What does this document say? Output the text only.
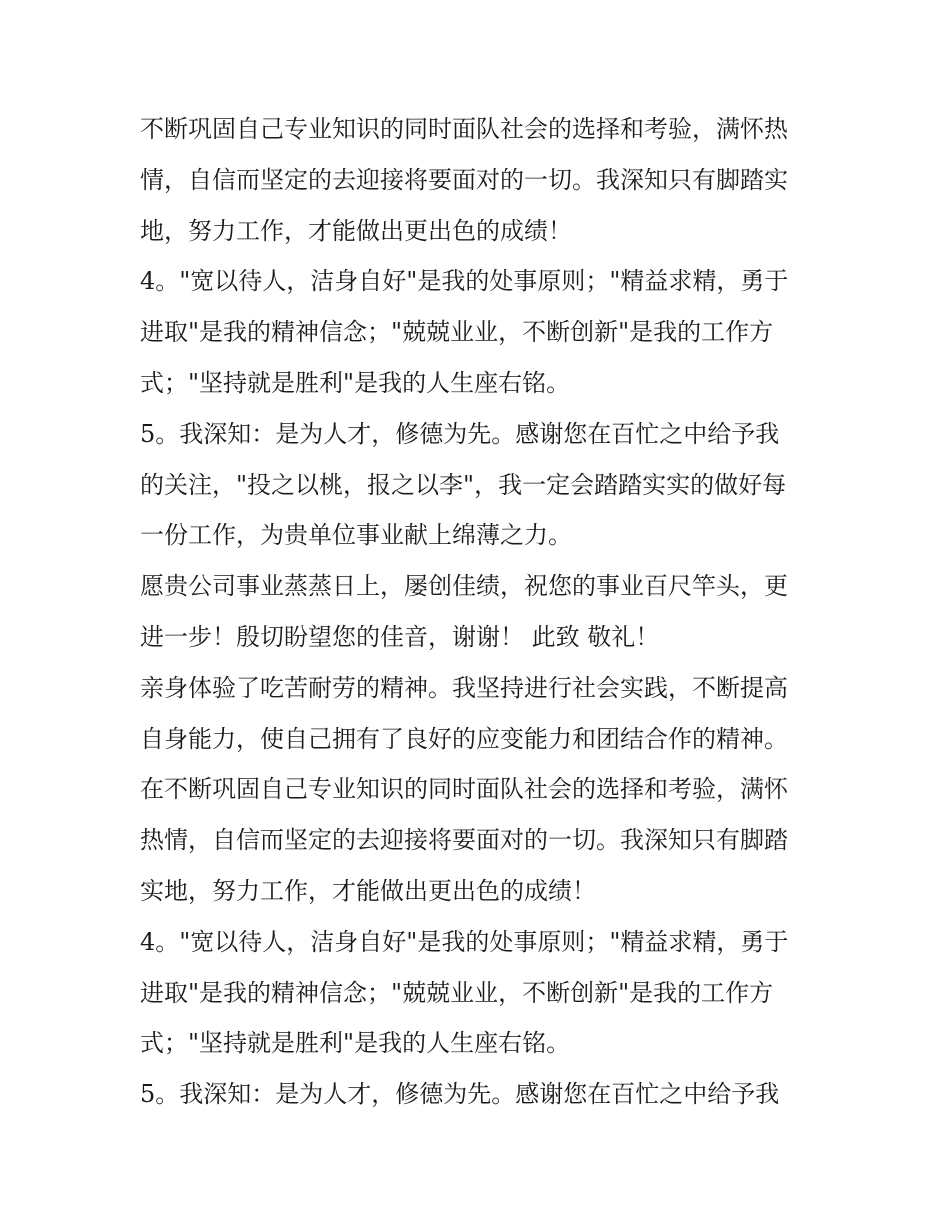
不断巩固自己专业知识的同时面队社会的选择和考验，满怀热
情，自信而坚定的去迎接将要面对的一切。我深知只有脚踏实
地，努力工作，才能做出更出色的成绩！
4。"宽以待人，洁身自好"是我的处事原则；"精益求精，勇于
进取"是我的精神信念；"兢兢业业，不断创新"是我的工作方
式；"坚持就是胜利"是我的人生座右铭。
5。我深知：是为人才，修德为先。感谢您在百忙之中给予我
的关注，"投之以桃，报之以李"，我一定会踏踏实实的做好每
一份工作，为贵单位事业献上绵薄之力。
愿贵公司事业蒸蒸日上，屡创佳绩，祝您的事业百尺竿头，更
进一步！殷切盼望您的佳音，谢谢！ 此致 敬礼！
亲身体验了吃苦耐劳的精神。我坚持进行社会实践，不断提高
自身能力，使自己拥有了良好的应变能力和团结合作的精神。
在不断巩固自己专业知识的同时面队社会的选择和考验，满怀
热情，自信而坚定的去迎接将要面对的一切。我深知只有脚踏
实地，努力工作，才能做出更出色的成绩！
4。"宽以待人，洁身自好"是我的处事原则；"精益求精，勇于
进取"是我的精神信念；"兢兢业业，不断创新"是我的工作方
式；"坚持就是胜利"是我的人生座右铭。
5。我深知：是为人才，修德为先。感谢您在百忙之中给予我
